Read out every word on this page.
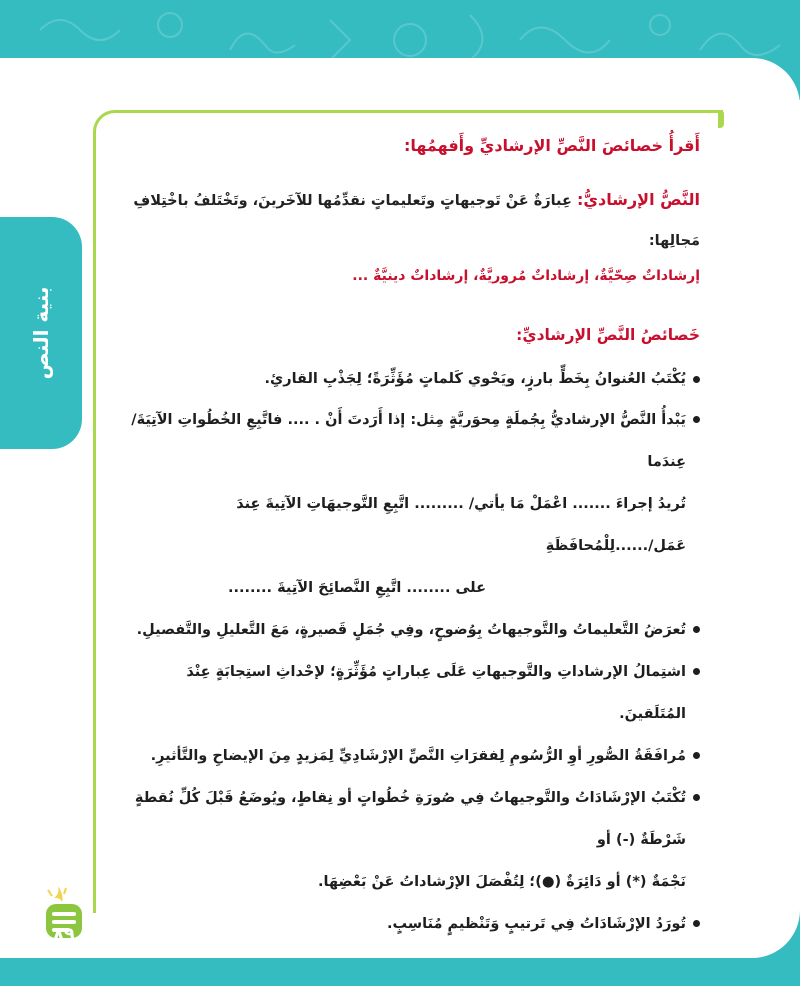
بنية النص
أَقرأُ خصائصَ النَّصِّ الإرشاديِّ وأَفهمُها:
النَّصُّ الإرشاديُّ: عِبارَةٌ عَنْ تَوجيهاتٍ وتَعليماتٍ نقدِّمُها للآخَرينَ، وتَخْتَلفُ باخْتِلافِ مَجالِها:
إرشاداتٌ صِحّيَّةٌ، إرشاداتٌ مُروريَّةٌ، إرشاداتٌ دينيَّةٌ ...
خَصائصُ النَّصِّ الإرشاديِّ:
يُكْتَبُ العُنوانُ بِخَطٍّ بارزٍ، ويَحْوي كَلماتٍ مُؤَثِّرَةً؛ لِجَذْبِ القارئِ.
يَبْدأُ النَّصُّ الإرشاديُّ بِجُملَةٍ مِحوَريَّةٍ مِثل: إذا أَرَدتَ أَنْ . .... فاتَّبِعِ الخُطُواتِ الآتِيَةَ/ عِندَما
تُريدُ إجراءَ ....... اعْمَلْ مَا يأتي/ ......... اتَّبِعِ التَّوجيهَاتِ الآتِيةَ عِندَ عَمَل/......لِلْمُحافَظَةِ
على ........ اتَّبِعِ النَّصائِحَ الآتِيةَ ........
تُعرَضُ التَّعليماتُ والتَّوجيهاتُ بِوُضوحٍ، وفِي جُمَلٍ قَصيرةٍ، مَعَ التَّعليلِ والتَّفصيلِ.
اشتِمالُ الإرشاداتِ والتَّوجيهاتِ عَلَى عِباراتٍ مُؤَثِّرَةٍ؛ لإحْداثِ استِجابَةٍ عِنْدَ المُتَلَقينَ.
مُرافَقَةُ الصُّورِ أوِ الرُّسُومِ لِفقرَاتِ النَّصِّ الإرْشَادِيِّ لِمَزيدٍ مِنَ الإيضاحِ والتَّأثيرِ.
تُكْتَبُ الإرْشَادَاتُ والتَّوجيهاتُ فِي صُورَةِ خُطُواتٍ أو نِقاطٍ، ويُوضَعُ قَبْلَ كُلِّ نُقطةٍ شَرْطَةٌ (-) أو
نَجْمَةٌ (*) أو دَائِرَةٌ (●)؛ لِتُفْصَلَ الإرْشاداتُ عَنْ بَعْضِهَا.
تُورَدُ الإرْشَادَاتُ فِي تَرتيبٍ وَتَنْظيمٍ مُنَاسِبٍ.
٨٩
